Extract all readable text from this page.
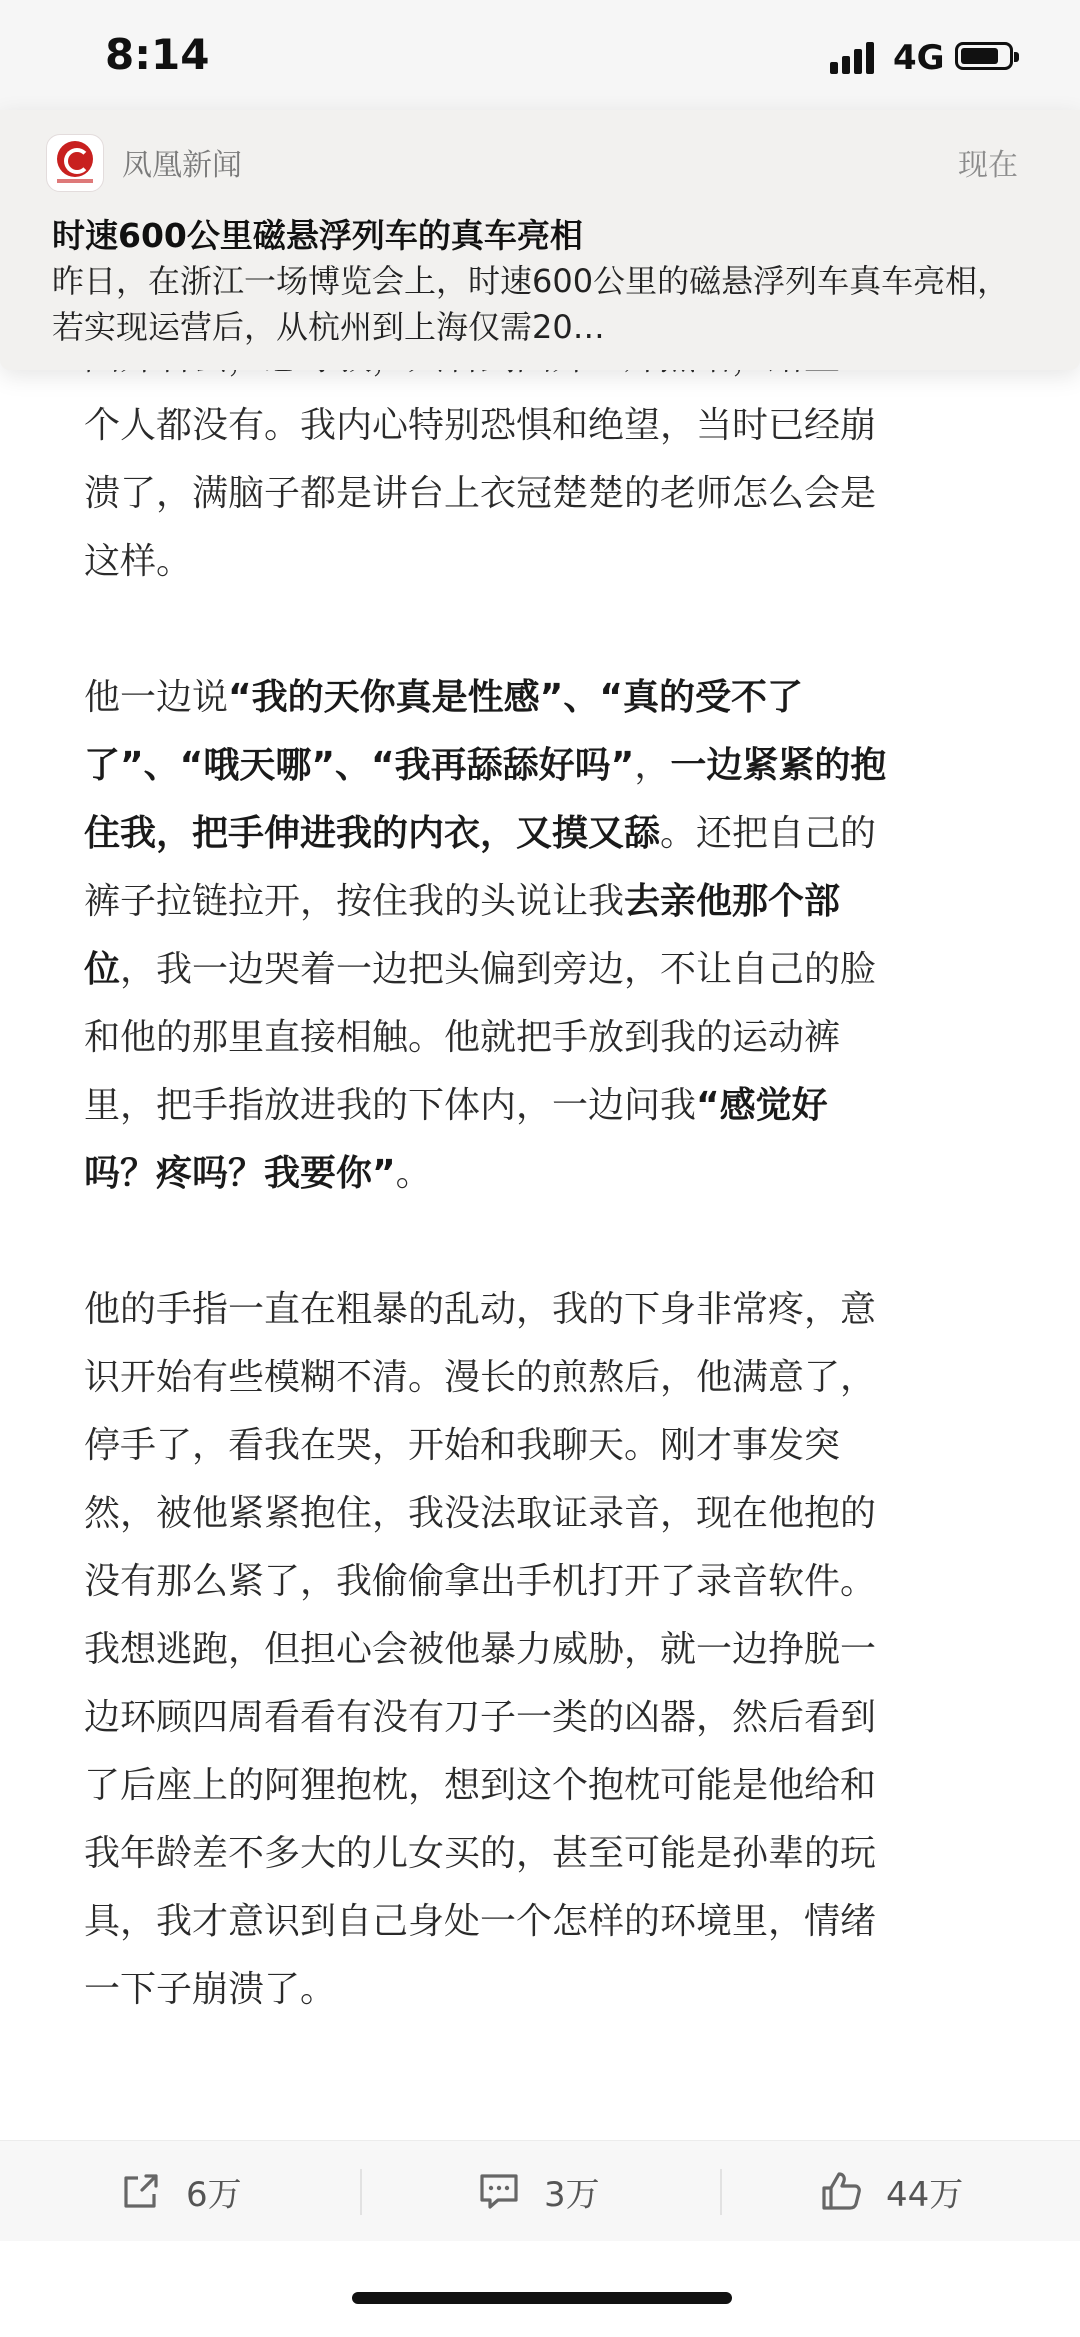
8:14	4G
个人都没有。我内心特别恐惧和绝望，当时已经崩
溃了，满脑子都是讲台上衣冠楚楚的老师怎么会是
这样。
他一边说“我的天你真是性感”、“真的受不了
了”、“哦天哪”、“我再舔舔好吗”，一边紧紧的抱
住我，把手伸进我的内衣，又摸又舔。还把自己的
裤子拉链拉开，按住我的头说让我去亲他那个部
位，我一边哭着一边把头偏到旁边，不让自己的脸
和他的那里直接相触。他就把手放到我的运动裤
里，把手指放进我的下体内，一边问我“感觉好
吗？疼吗？我要你”。
他的手指一直在粗暴的乱动，我的下身非常疼，意
识开始有些模糊不清。漫长的煎熬后，他满意了，
停手了，看我在哭，开始和我聊天。刚才事发突
然，被他紧紧抱住，我没法取证录音，现在他抱的
没有那么紧了，我偷偷拿出手机打开了录音软件。
我想逃跑，但担心会被他暴力威胁，就一边挣脱一
边环顾四周看看有没有刀子一类的凶器，然后看到
了后座上的阿狸抱枕，想到这个抱枕可能是他给和
我年龄差不多大的儿女买的，甚至可能是孙辈的玩
具，我才意识到自己身处一个怎样的环境里，情绪
一下子崩溃了。
凤凰新闻	现在
时速600公里磁悬浮列车的真车亮相
昨日，在浙江一场博览会上，时速600公里的磁悬浮列车真车亮相，若实现运营后，从杭州到上海仅需20…
6万	3万	44万
